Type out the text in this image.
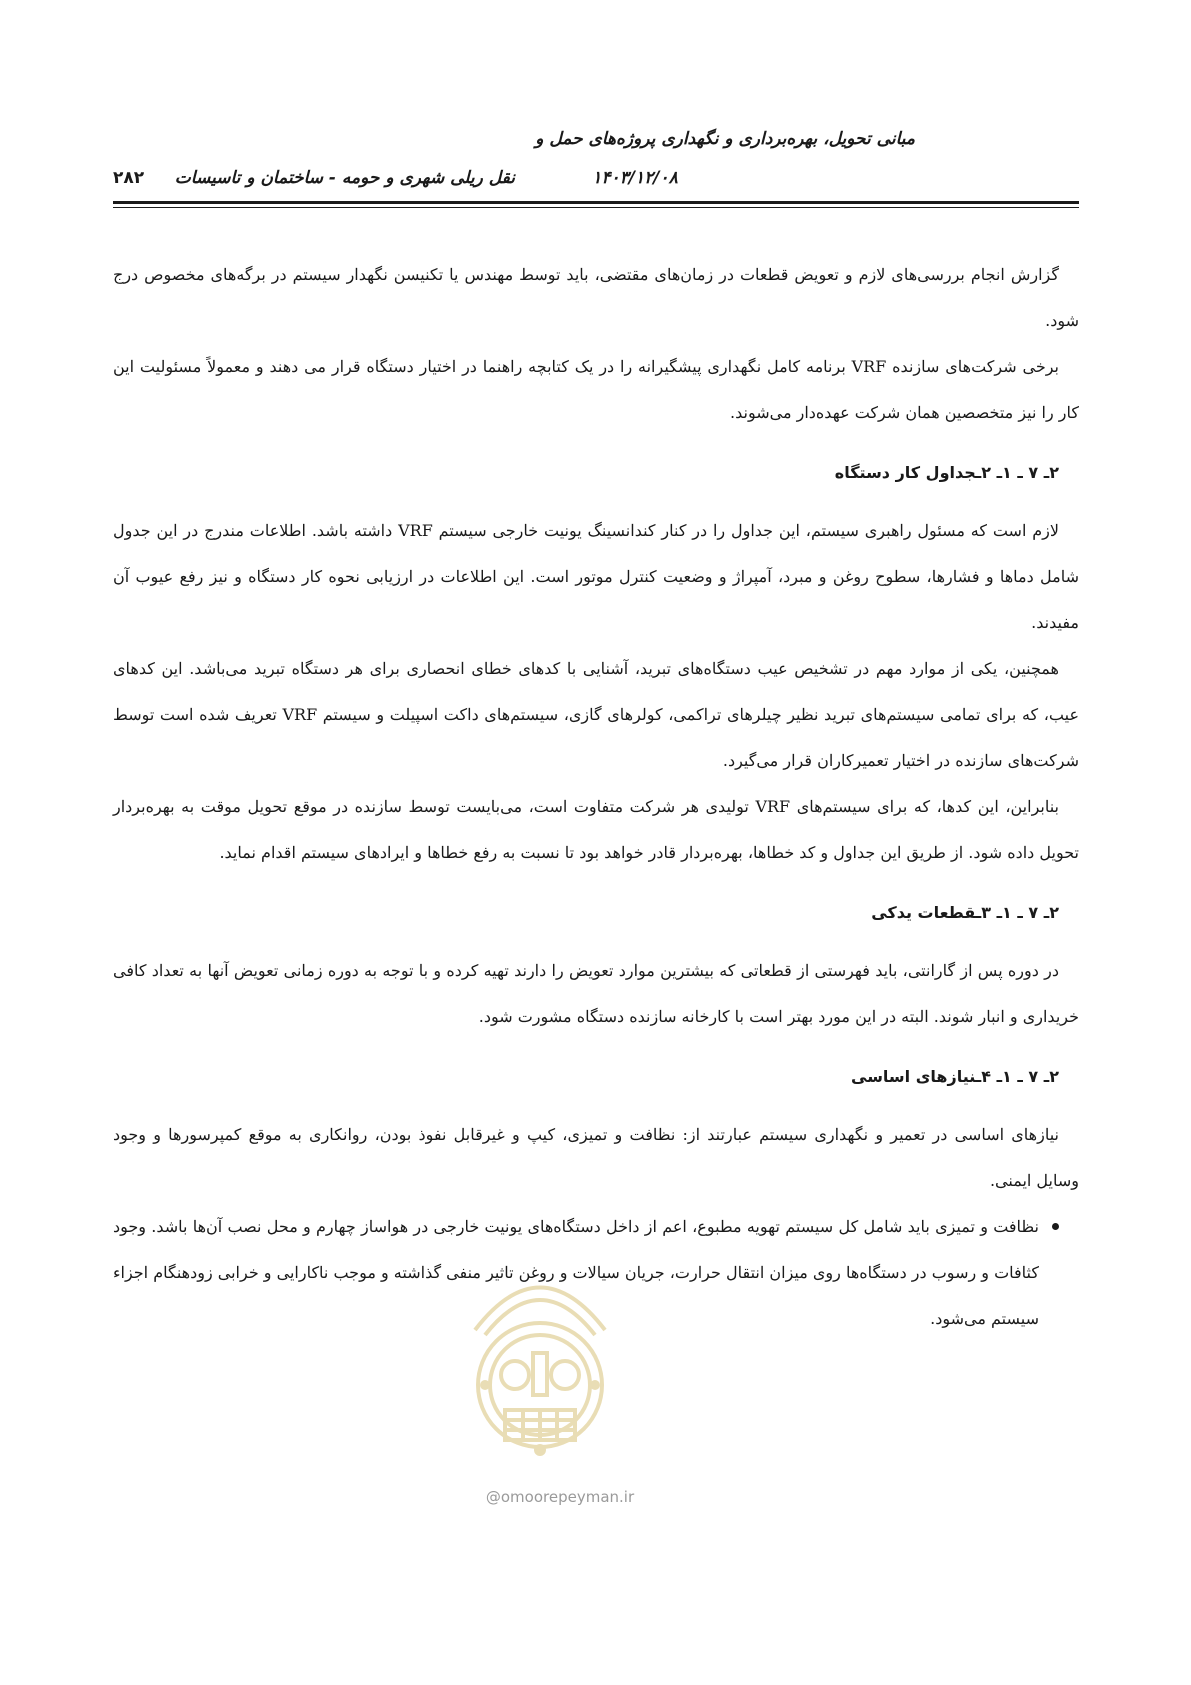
مبانی تحویل، بهره‌برداری و نگهداری پروژه‌های حمل و
نقل ریلی شهری و حومه - ساختمان و تاسیسات	۱۴۰۳/۱۲/۰۸
۲۸۲

گزارش انجام بررسی‌های لازم و تعویض قطعات در زمان‌های مقتضی، باید توسط مهندس یا تکنیسن نگهدار سیستم در برگه‌های مخصوص درج شود.

برخی شرکت‌های سازنده VRF برنامه کامل نگهداری پیشگیرانه را در یک کتابچه راهنما در اختیار دستگاه قرار می دهند و معمولاً مسئولیت این کار را نیز متخصصین همان شرکت عهده‌دار می‌شوند.

۲ـ ۷ ـ ۱ـ ۲ـجداول کار دستگاه

لازم است که مسئول راهبری سیستم، این جداول را در کنار کندانسینگ یونیت خارجی سیستم VRF داشته باشد. اطلاعات مندرج در این جدول شامل دماها و فشارها، سطوح روغن و مبرد، آمپراژ و وضعیت کنترل موتور است. این اطلاعات در ارزیابی نحوه کار دستگاه و نیز رفع عیوب آن مفیدند.

همچنین، یکی از موارد مهم در تشخیص عیب دستگاه‌های تبرید، آشنایی با کدهای خطای انحصاری برای هر دستگاه تبرید می‌باشد. این کدهای عیب، که برای تمامی سیستم‌های تبرید نظیر چیلرهای تراکمی، کولرهای گازی، سیستم‌های داکت اسپیلت و سیستم VRF تعریف شده است توسط شرکت‌های سازنده در اختیار تعمیرکاران قرار می‌گیرد.

بنابراین، این کدها، که برای سیستم‌های VRF تولیدی هر شرکت متفاوت است، می‌بایست توسط سازنده در موقع تحویل موقت به بهره‌بردار تحویل داده شود. از طریق این جداول و کد خطاها، بهره‌بردار قادر خواهد بود تا نسبت به رفع خطاها و ایرادهای سیستم اقدام نماید.

۲ـ ۷ ـ ۱ـ ۳ـقطعات یدکی

در دوره پس از گارانتی، باید فهرستی از قطعاتی که بیشترین موارد تعویض را دارند تهیه کرده و با توجه به دوره زمانی تعویض آنها به تعداد کافی خریداری و انبار شوند. البته در این مورد بهتر است با کارخانه سازنده دستگاه مشورت شود.

۲ـ ۷ ـ ۱ـ ۴ـنیازهای اساسی

نیازهای اساسی در تعمیر و نگهداری سیستم عبارتند از: نظافت و تمیزی، کیپ و غیرقابل نفوذ بودن، روانکاری به موقع کمپرسورها و وجود وسایل ایمنی.

نظافت و تمیزی باید شامل کل سیستم تهویه مطبوع، اعم از داخل دستگاه‌های یونیت خارجی در هواساز چهارم و محل نصب آن‌ها باشد. وجود کثافات و رسوب در دستگاه‌ها روی میزان انتقال حرارت، جریان سیالات و روغن تاثیر منفی گذاشته و موجب ناکارایی و خرابی زودهنگام اجزاء سیستم می‌شود.
@omoorepeyman.ir
